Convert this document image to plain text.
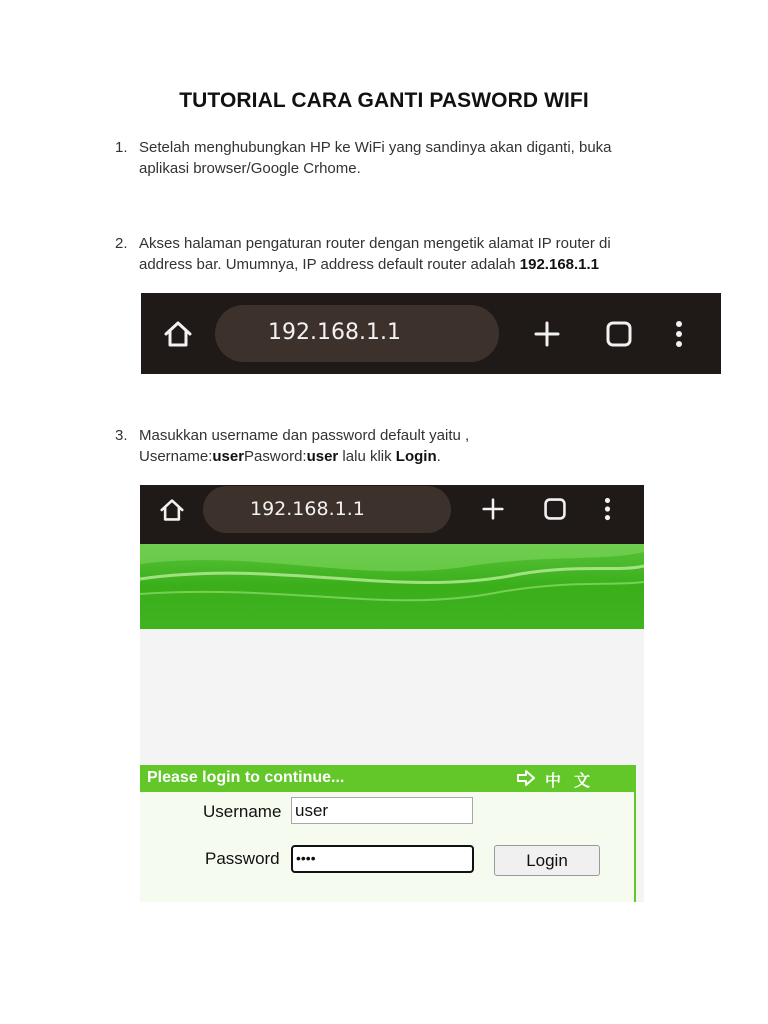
TUTORIAL CARA GANTI PASWORD WIFI
1. Setelah menghubungkan HP ke WiFi yang sandinya akan diganti, buka
aplikasi browser/Google Crhome.
2. Akses halaman pengaturan router dengan mengetik alamat IP router di
address bar. Umumnya, IP address default router adalah 192.168.1.1
192.168.1.1
3. Masukkan username dan password default yaitu ,
Username:userPasword:user lalu klik Login.
192.168.1.1
Please login to continue...	中 文
Username user
Password	••••	Login
